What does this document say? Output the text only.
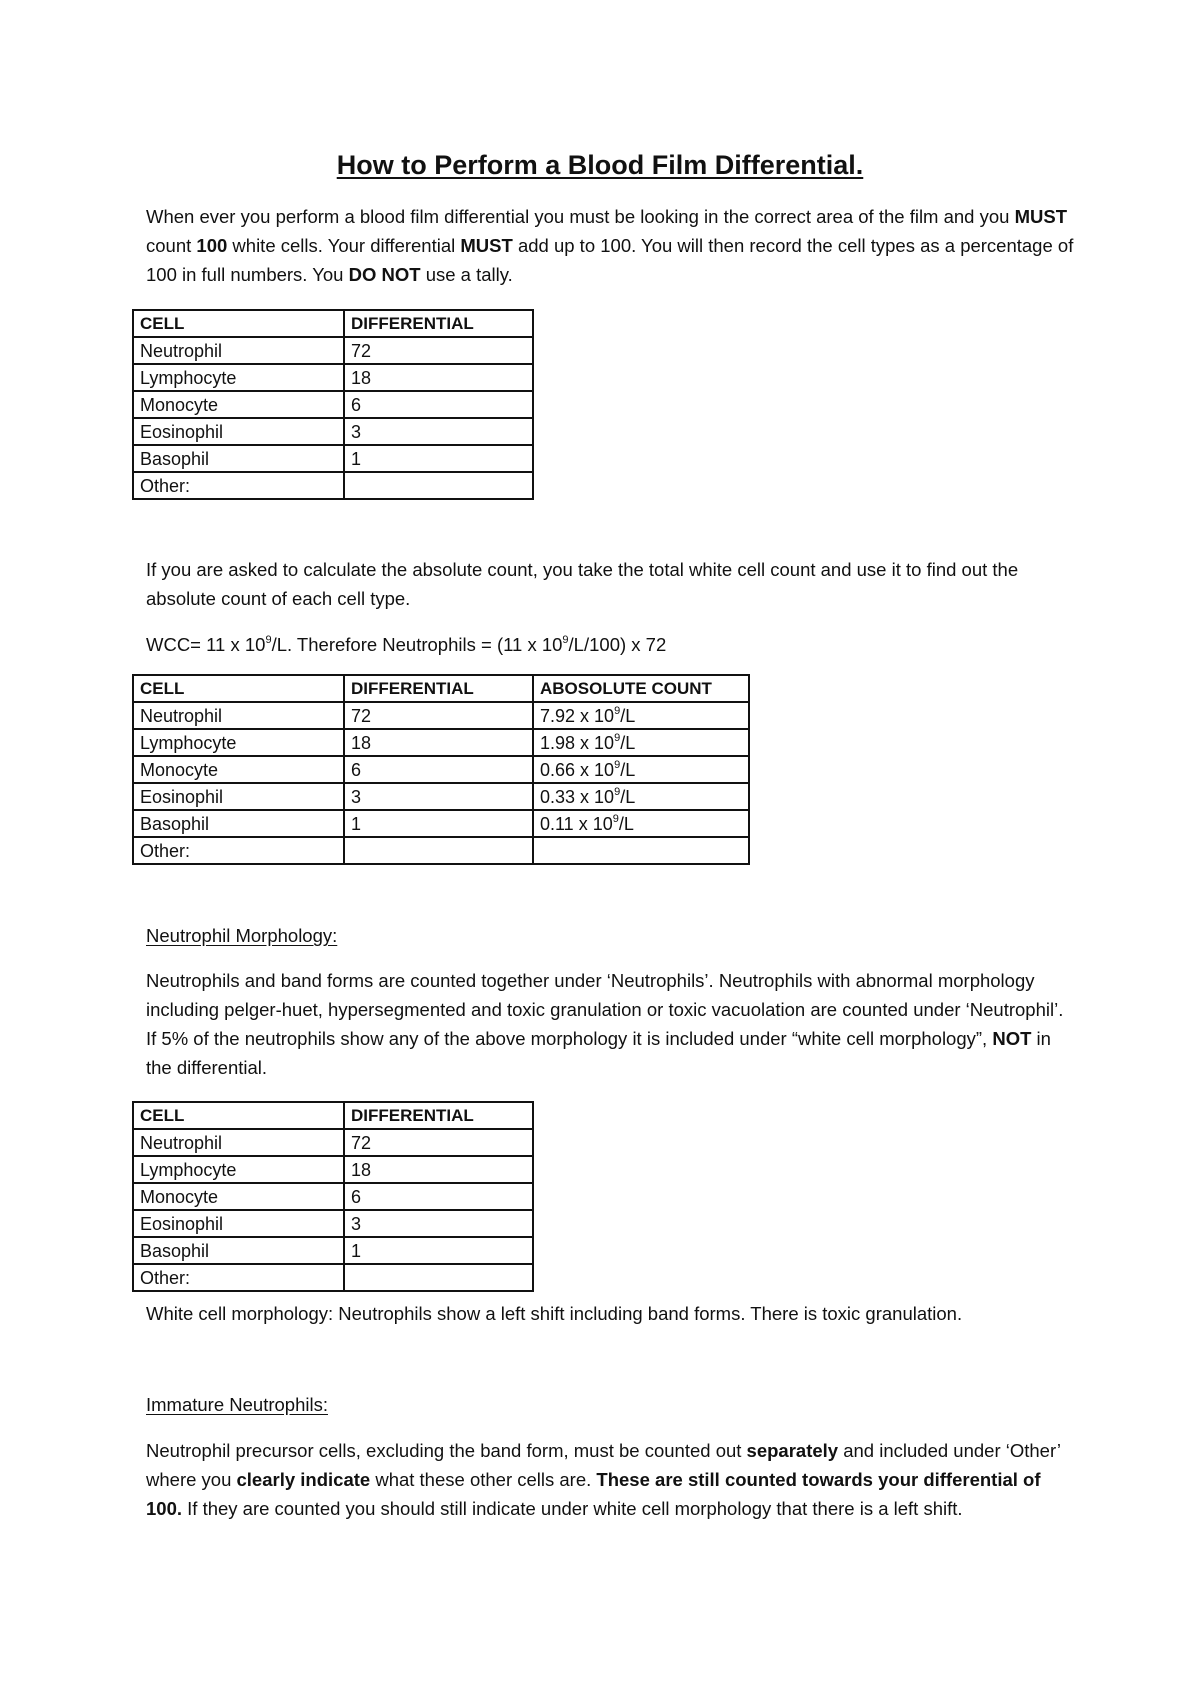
How to Perform a Blood Film Differential.
When ever you perform a blood film differential you must be looking in the correct area of the film and you MUST count 100 white cells. Your differential MUST add up to 100. You will then record the cell types as a percentage of 100 in full numbers. You DO NOT use a tally.
CELL	DIFFERENTIAL
Neutrophil	72
Lymphocyte	18
Monocyte	6
Eosinophil	3
Basophil	1
Other:	
If you are asked to calculate the absolute count, you take the total white cell count and use it to find out the absolute count of each cell type.
WCC= 11 x $10^9/L$. Therefore Neutrophils = (11 x $10^9/L/100$) x 72
CELL	DIFFERENTIAL	ABOSOLUTE COUNT
Neutrophil	72	7.92 x $10^9/L$
Lymphocyte	18	1.98 x $10^9/L$
Monocyte	6	0.66 x $10^9/L$
Eosinophil	3	0.33 x $10^9/L$
Basophil	1	0.11 x $10^9/L$
Other:		
Neutrophil Morphology:
Neutrophils and band forms are counted together under ‘Neutrophils’. Neutrophils with abnormal morphology including pelger-huet, hypersegmented and toxic granulation or toxic vacuolation are counted under ‘Neutrophil’. If 5% of the neutrophils show any of the above morphology it is included under “white cell morphology”, NOT in the differential.
CELL	DIFFERENTIAL
Neutrophil	72
Lymphocyte	18
Monocyte	6
Eosinophil	3
Basophil	1
Other:	
White cell morphology: Neutrophils show a left shift including band forms. There is toxic granulation.
Immature Neutrophils:
Neutrophil precursor cells, excluding the band form, must be counted out separately and included under ‘Other’ where you clearly indicate what these other cells are. These are still counted towards your differential of 100. If they are counted you should still indicate under white cell morphology that there is a left shift.
